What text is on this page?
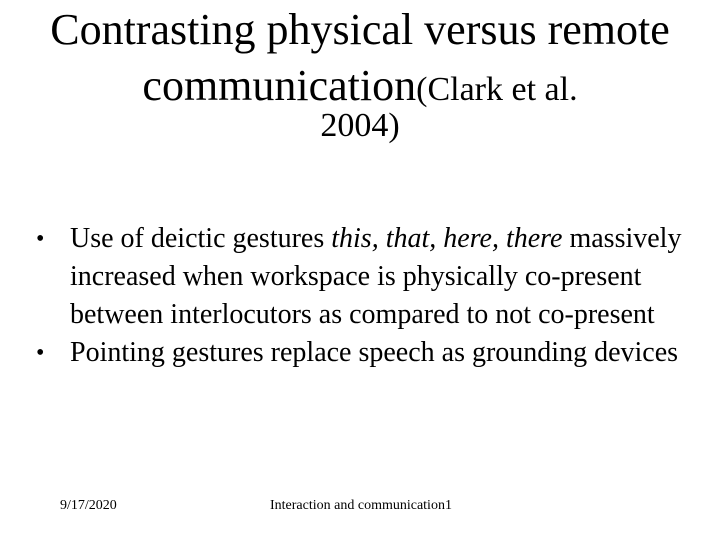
Contrasting physical versus remote communication(Clark et al.
2004)
• Use of deictic gestures this, that, here, there massively increased when workspace is physically co-present between interlocutors as compared to not co-present
• Pointing gestures replace speech as grounding devices
9/17/2020	Interaction and communication1
